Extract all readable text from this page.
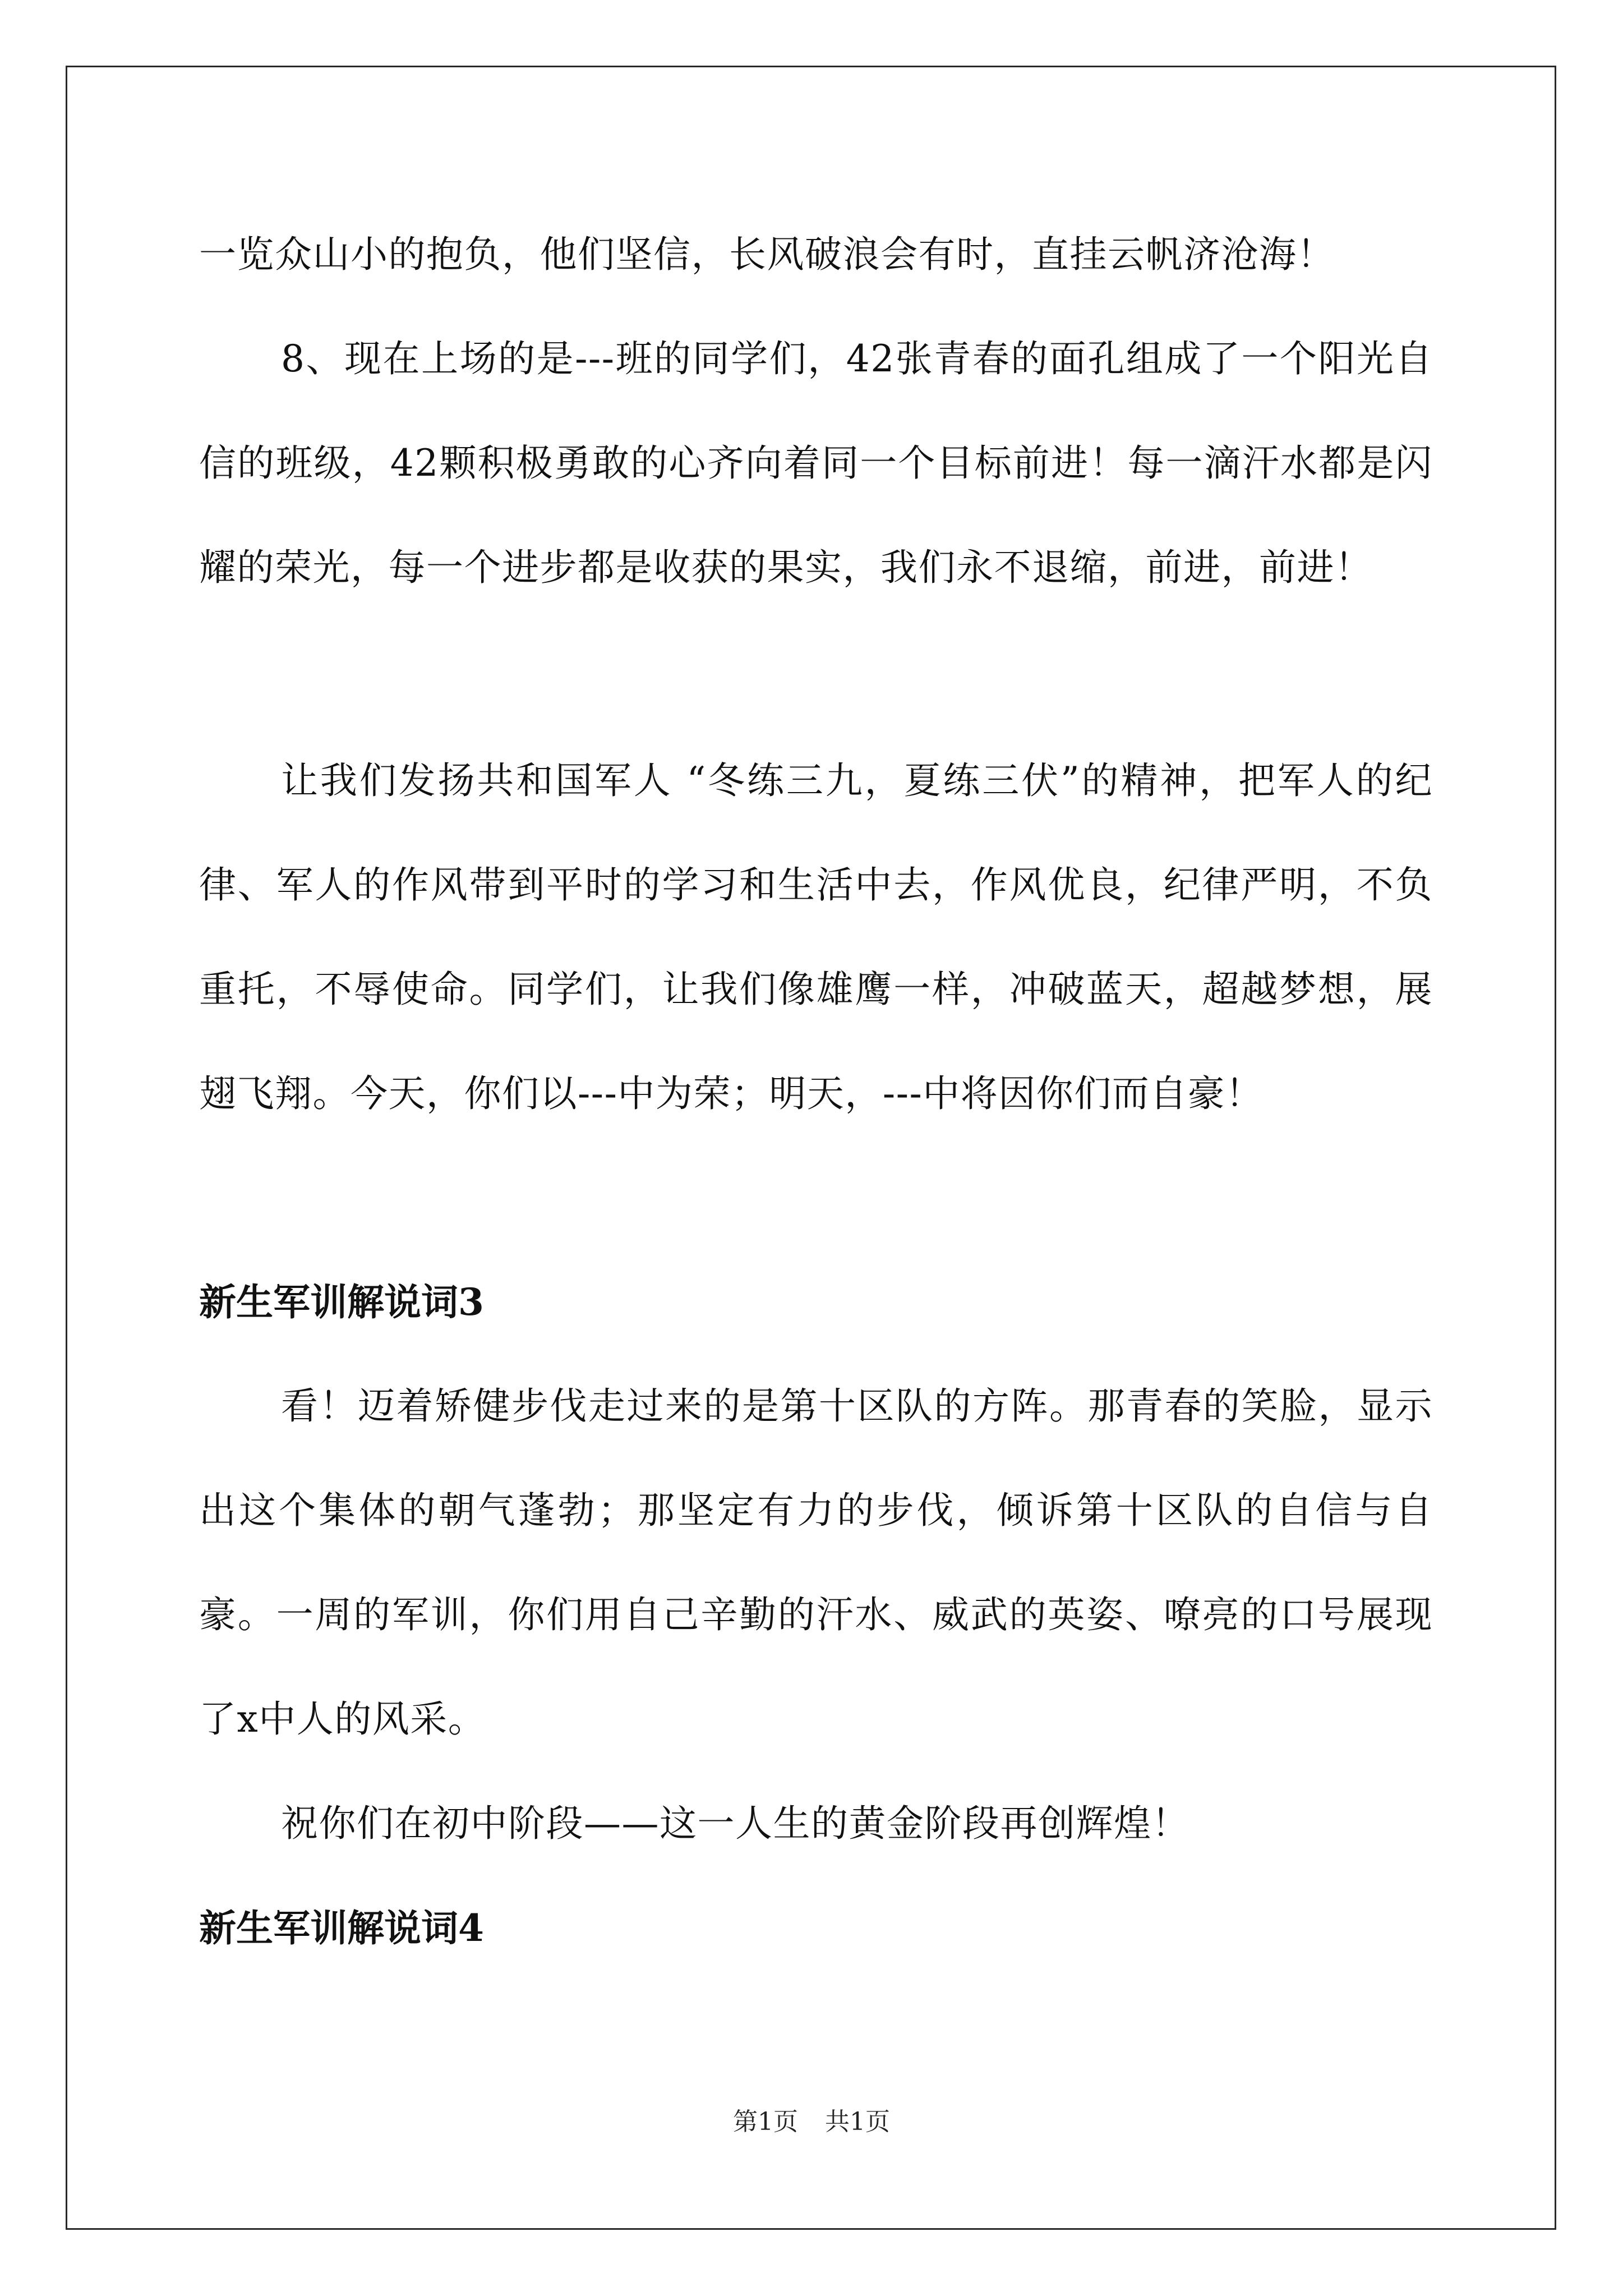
一览众山小的抱负，他们坚信，长风破浪会有时，直挂云帆济沧海！

8、现在上场的是---班的同学们，42张青春的面孔组成了一个阳光自信的班级，42颗积极勇敢的心齐向着同一个目标前进！每一滴汗水都是闪耀的荣光，每一个进步都是收获的果实，我们永不退缩，前进，前进！

让我们发扬共和国军人 “冬练三九，夏练三伏”的精神，把军人的纪律、军人的作风带到平时的学习和生活中去，作风优良，纪律严明，不负重托，不辱使命。同学们，让我们像雄鹰一样，冲破蓝天，超越梦想，展翅飞翔。今天，你们以---中为荣；明天，---中将因你们而自豪！

新生军训解说词3

看！迈着矫健步伐走过来的是第十区队的方阵。那青春的笑脸，显示出这个集体的朝气蓬勃；那坚定有力的步伐，倾诉第十区队的自信与自豪。一周的军训，你们用自己辛勤的汗水、威武的英姿、嘹亮的口号展现了x中人的风采。

祝你们在初中阶段——这一人生的黄金阶段再创辉煌！

新生军训解说词4
第1页 共1页
